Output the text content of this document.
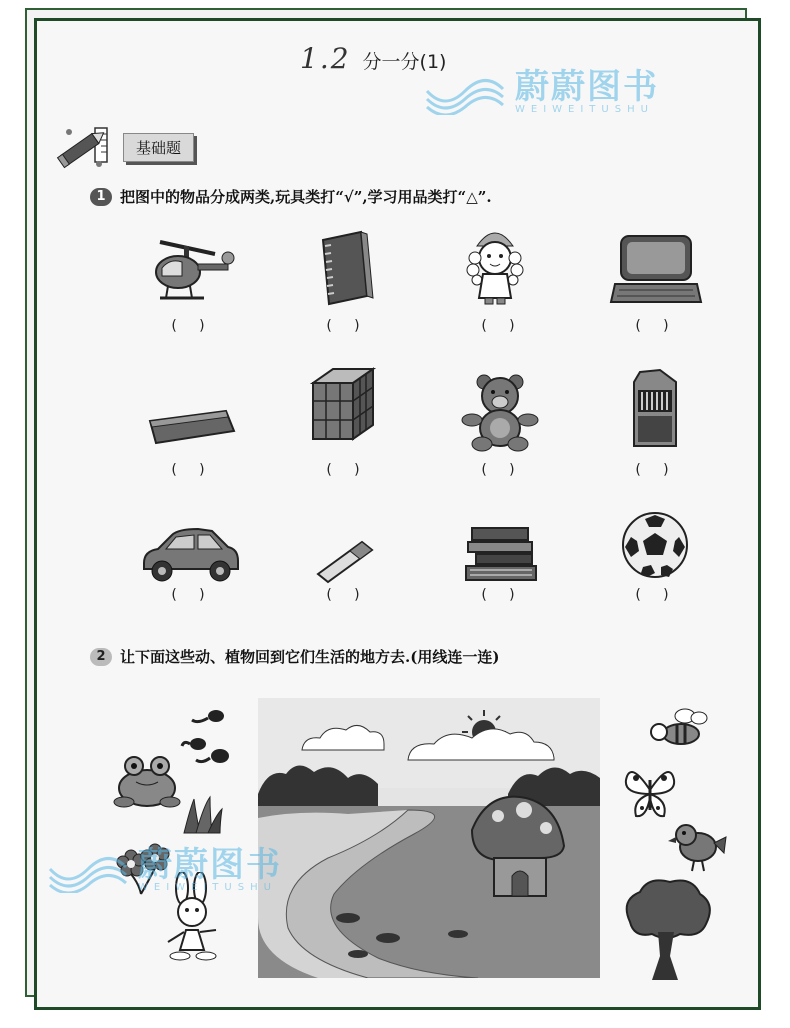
1.2 分一分(1)
蔚蔚图书
WEIWEITUSHU
基础题
1 把图中的物品分成两类,玩具类打“√”,学习用品类打“△”.
(     )	(     )	(     )	(     )
(     )	(     )	(     )	(     )
(     )	(     )	(     )	(     )
2 让下面这些动、植物回到它们生活的地方去.(用线连一连)
蔚蔚图书
WEIWEITUSHU
